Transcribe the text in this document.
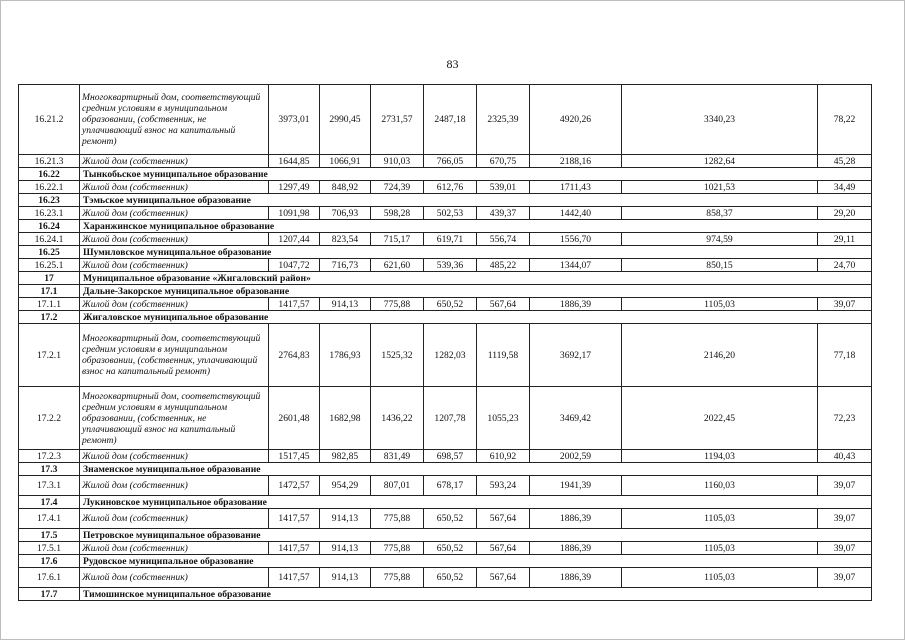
83
16.21.2	Многоквартирный дом, соответствующий средним условиям в муниципальном образовании, (собственник, не уплачивающий взнос на капитальный ремонт)	3973,01	2990,45	2731,57	2487,18	2325,39	4920,26	3340,23	78,22
16.21.3	Жилой дом (собственник)	1644,85	1066,91	910,03	766,05	670,75	2188,16	1282,64	45,28
16.22	Тынкобьское муниципальное образование								
16.22.1	Жилой дом (собственник)	1297,49	848,92	724,39	612,76	539,01	1711,43	1021,53	34,49
16.23	Тэмьское муниципальное образование								
16.23.1	Жилой дом (собственник)	1091,98	706,93	598,28	502,53	439,37	1442,40	858,37	29,20
16.24	Харанжинское муниципальное образование								
16.24.1	Жилой дом (собственник)	1207,44	823,54	715,17	619,71	556,74	1556,70	974,59	29,11
16.25	Шумиловское муниципальное образование								
16.25.1	Жилой дом (собственник)	1047,72	716,73	621,60	539,36	485,22	1344,07	850,15	24,70
17	Муниципальное образование «Жигаловский район»								
17.1	Дальне-Закорское муниципальное образование								
17.1.1	Жилой дом (собственник)	1417,57	914,13	775,88	650,52	567,64	1886,39	1105,03	39,07
17.2	Жигаловское муниципальное образование								
17.2.1	Многоквартирный дом, соответствующий средним условиям в муниципальном образовании, (собственник, уплачивающий взнос на капитальный ремонт)	2764,83	1786,93	1525,32	1282,03	1119,58	3692,17	2146,20	77,18
17.2.2	Многоквартирный дом, соответствующий средним условиям в муниципальном образовании, (собственник, не уплачивающий взнос на капитальный ремонт)	2601,48	1682,98	1436,22	1207,78	1055,23	3469,42	2022,45	72,23
17.2.3	Жилой дом (собственник)	1517,45	982,85	831,49	698,57	610,92	2002,59	1194,03	40,43
17.3	Знаменское муниципальное образование								
17.3.1	Жилой дом (собственник)	1472,57	954,29	807,01	678,17	593,24	1941,39	1160,03	39,07
17.4	Лукиновское муниципальное образование								
17.4.1	Жилой дом (собственник)	1417,57	914,13	775,88	650,52	567,64	1886,39	1105,03	39,07
17.5	Петровское муниципальное образование								
17.5.1	Жилой дом (собственник)	1417,57	914,13	775,88	650,52	567,64	1886,39	1105,03	39,07
17.6	Рудовское муниципальное образование								
17.6.1	Жилой дом (собственник)	1417,57	914,13	775,88	650,52	567,64	1886,39	1105,03	39,07
17.7	Тимошинское муниципальное образование								
